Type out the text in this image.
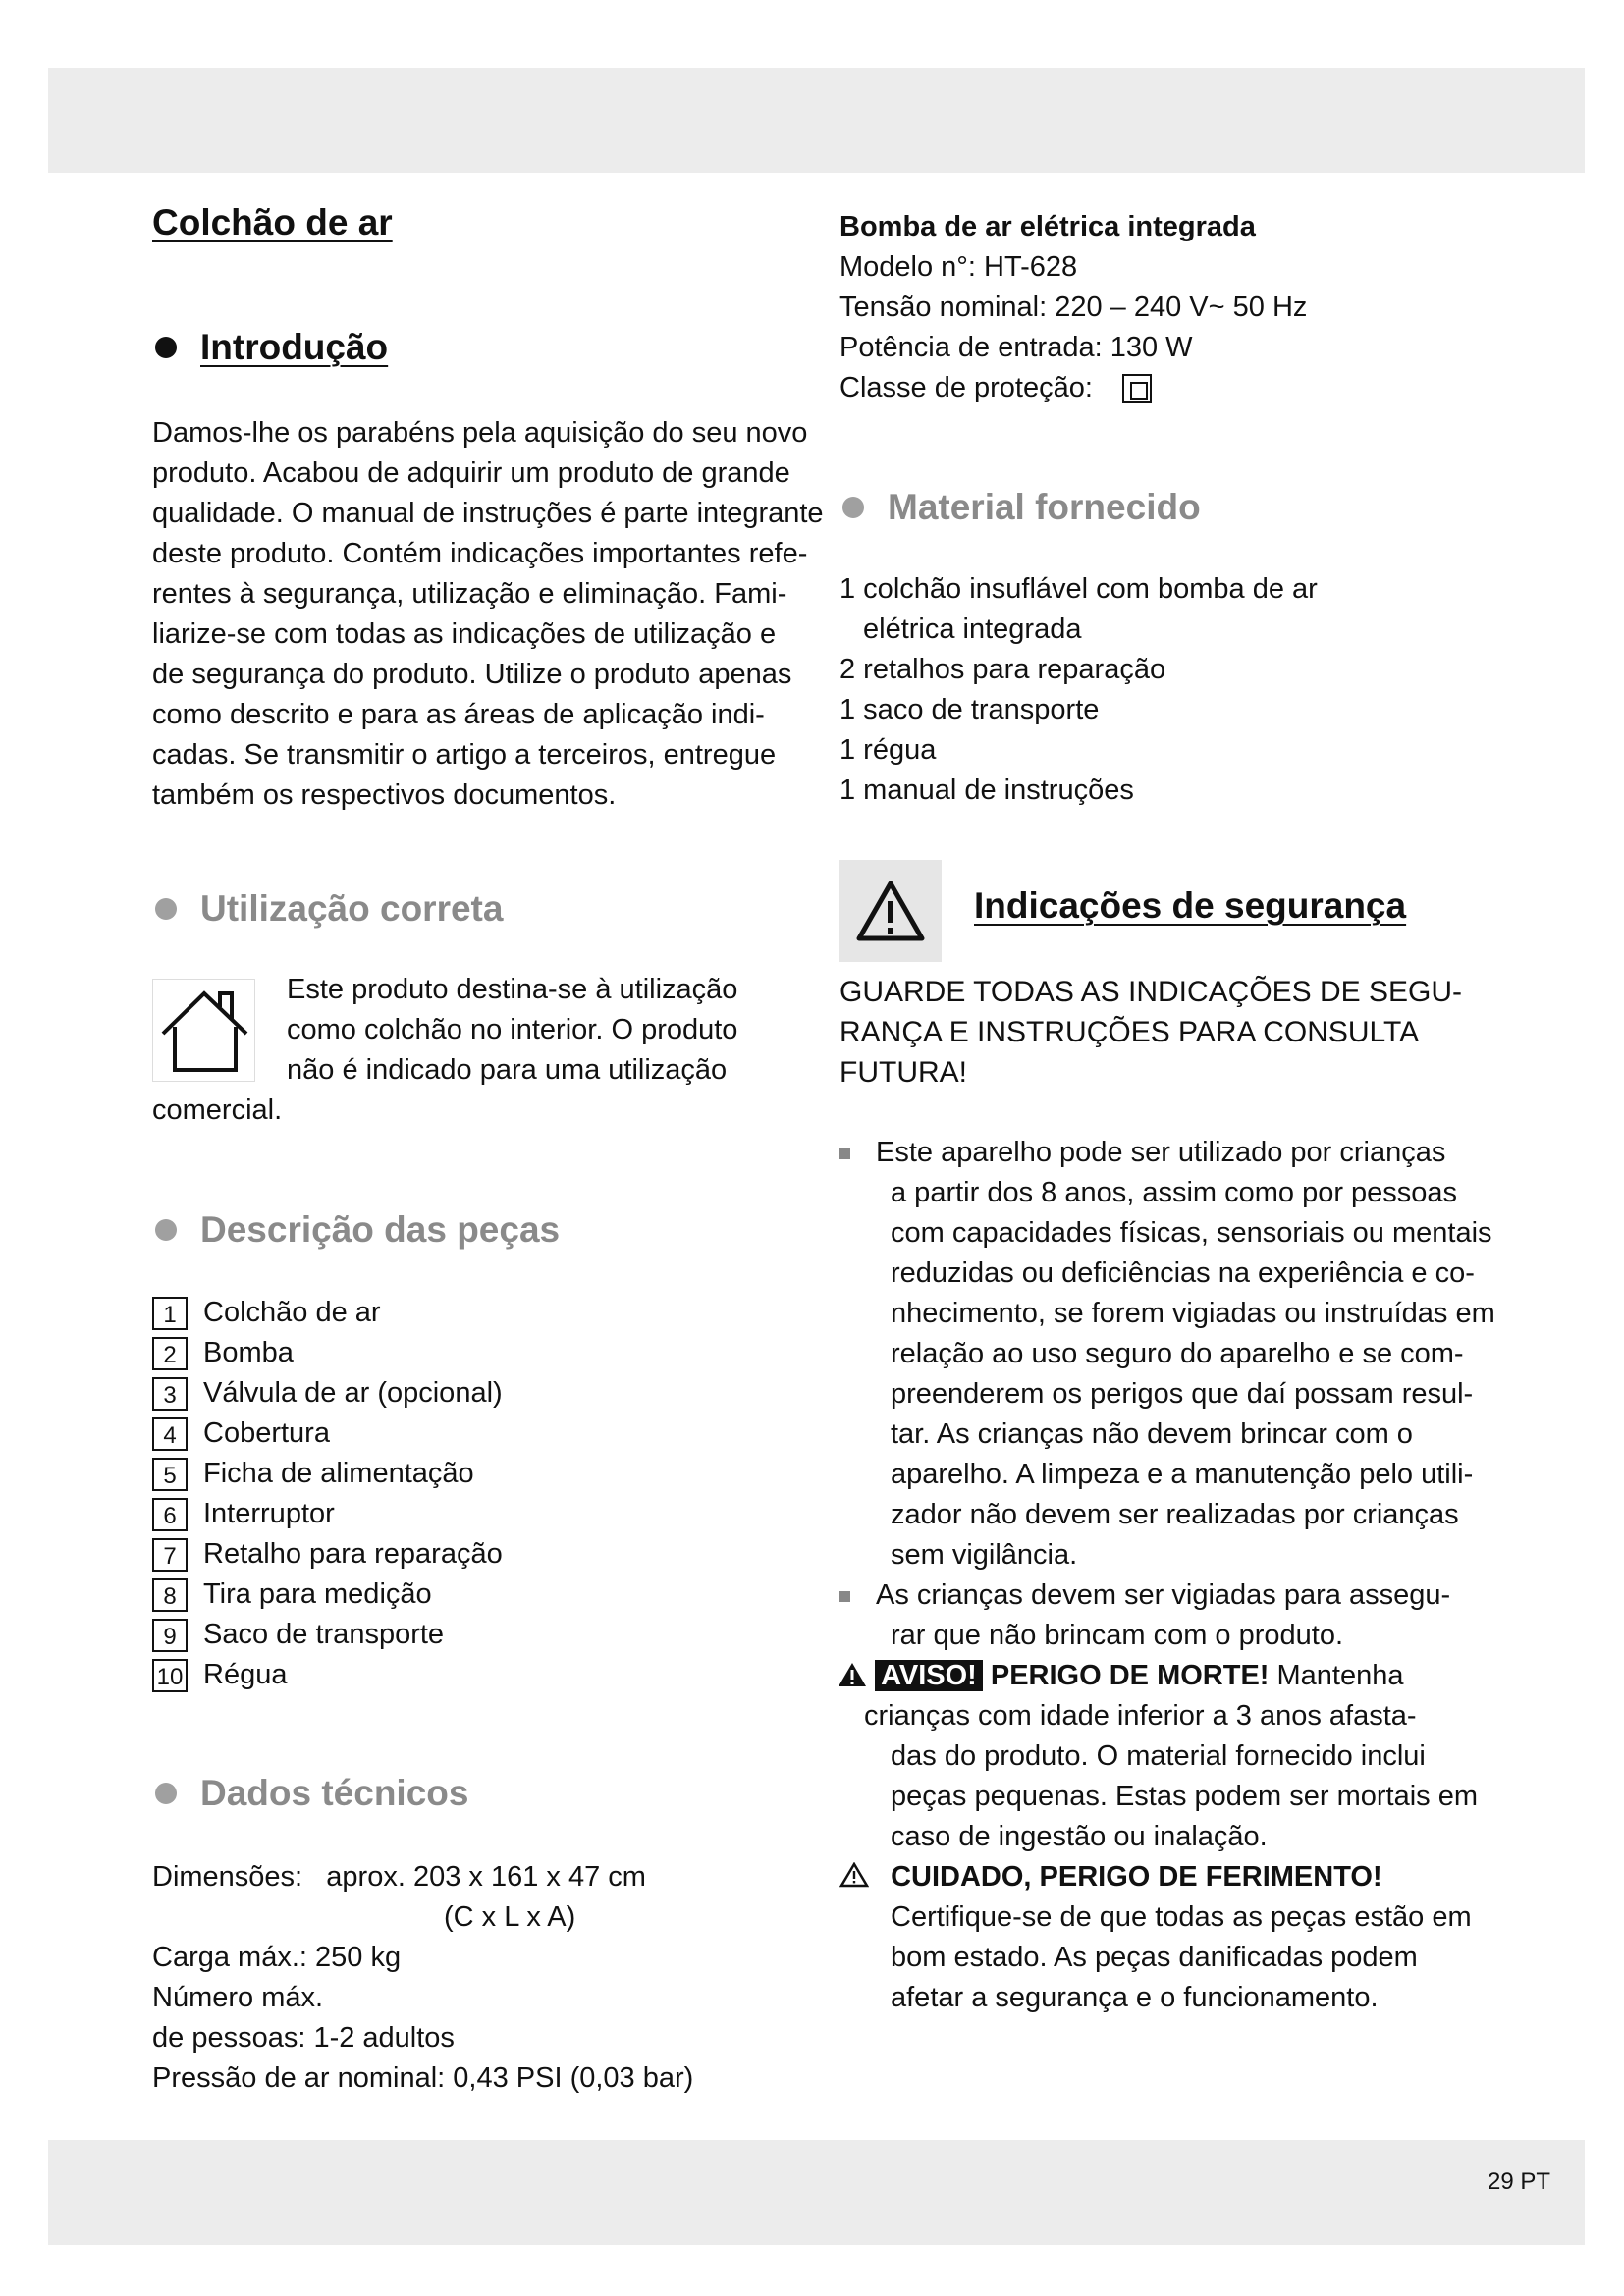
29 PT
Colchão de ar
Introdução

Damos-lhe os parabéns pela aquisição do seu novo

produto. Acabou de adquirir um produto de grande

qualidade. O manual de instruções é parte integrante

deste produto. Contém indicações importantes refe-

rentes à segurança, utilização e eliminação. Fami-

liarize-se com todas as indicações de utilização e

de segurança do produto. Utilize o produto apenas

como descrito e para as áreas de aplicação indi-

cadas. Se transmitir o artigo a terceiros, entregue

também os respectivos documentos.

Utilização correta

Este produto destina-se à utilização

como colchão no interior. O produto

não é indicado para uma utilização

comercial.

Descrição das peças
1 Colchão de ar
2 Bomba
3 Válvula de ar (opcional)
4 Cobertura
5 Ficha de alimentação
6 Interruptor
7 Retalho para reparação
8 Tira para medição
9 Saco de transporte
10 Régua
Dados técnicos

Dimensões: aprox. 203 x 161 x 47 cm

(C x L x A)

Carga máx.: 250 kg

Número máx.

de pessoas: 1-2 adultos

Pressão de ar nominal: 0,43 PSI (0,03 bar)

Bomba de ar elétrica integrada

Modelo n°: HT-628

Tensão nominal: 220 – 240 V~ 50 Hz

Potência de entrada: 130 W

Classe de proteção:

Material fornecido

1 colchão insuflável com bomba de ar

elétrica integrada

2 retalhos para reparação

1 saco de transporte

1 régua

1 manual de instruções

Indicações de segurança

GUARDE TODAS AS INDICAÇÕES DE SEGU-

RANÇA E INSTRUÇÕES PARA CONSULTA

FUTURA!

Este aparelho pode ser utilizado por crianças

a partir dos 8 anos, assim como por pessoas

com capacidades físicas, sensoriais ou mentais

reduzidas ou deficiências na experiência e co-

nhecimento, se forem vigiadas ou instruídas em

relação ao uso seguro do aparelho e se com-

preenderem os perigos que daí possam resul-

tar. As crianças não devem brincar com o

aparelho. A limpeza e a manutenção pelo utili-

zador não devem ser realizadas por crianças

sem vigilância.

As crianças devem ser vigiadas para assegu-

rar que não brincam com o produto.

AVISO! PERIGO DE MORTE! Mantenha

crianças com idade inferior a 3 anos afasta-

das do produto. O material fornecido inclui

peças pequenas. Estas podem ser mortais em

caso de ingestão ou inalação.

CUIDADO, PERIGO DE FERIMENTO!

Certifique-se de que todas as peças estão em

bom estado. As peças danificadas podem

afetar a segurança e o funcionamento.
